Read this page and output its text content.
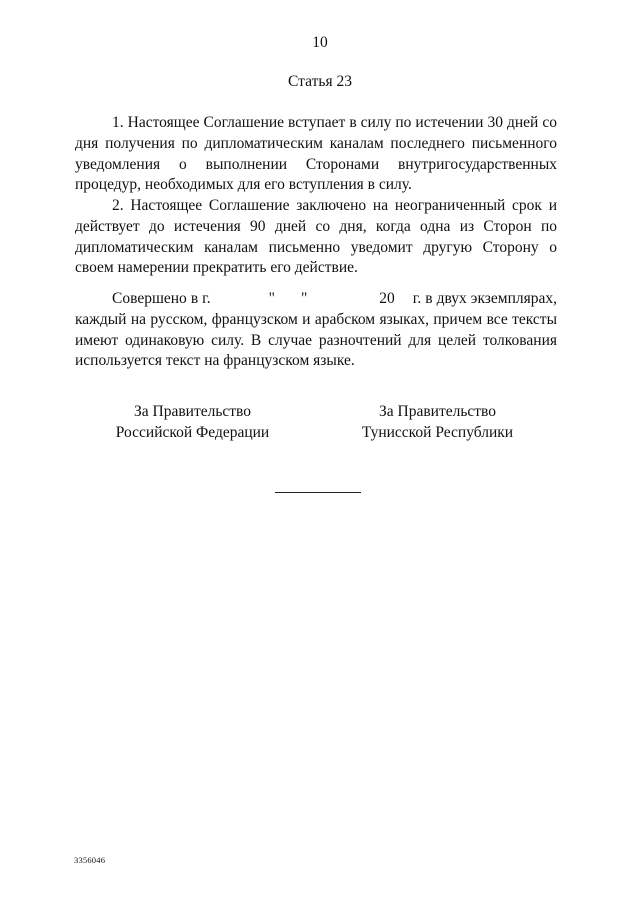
10
Статья 23

1. Настоящее Соглашение вступает в силу по истечении 30 дней со дня получения по дипломатическим каналам последнего письменного уведомления о выполнении Сторонами внутригосударственных процедур, необходимых для его вступления в силу.

2. Настоящее Соглашение заключено на неограниченный срок и действует до истечения 90 дней со дня, когда одна из Сторон по дипломатическим каналам письменно уведомит другую Сторону о своем намерении прекратить его действие.

Совершено в г.	" "	20 г. в двух экземплярах, каждый на русском, французском и арабском языках, причем все тексты имеют одинаковую силу. В случае разночтений для целей толкования используется текст на французском языке.

За Правительство
Российской Федерации
За Правительство
Тунисской Республики
3356046
